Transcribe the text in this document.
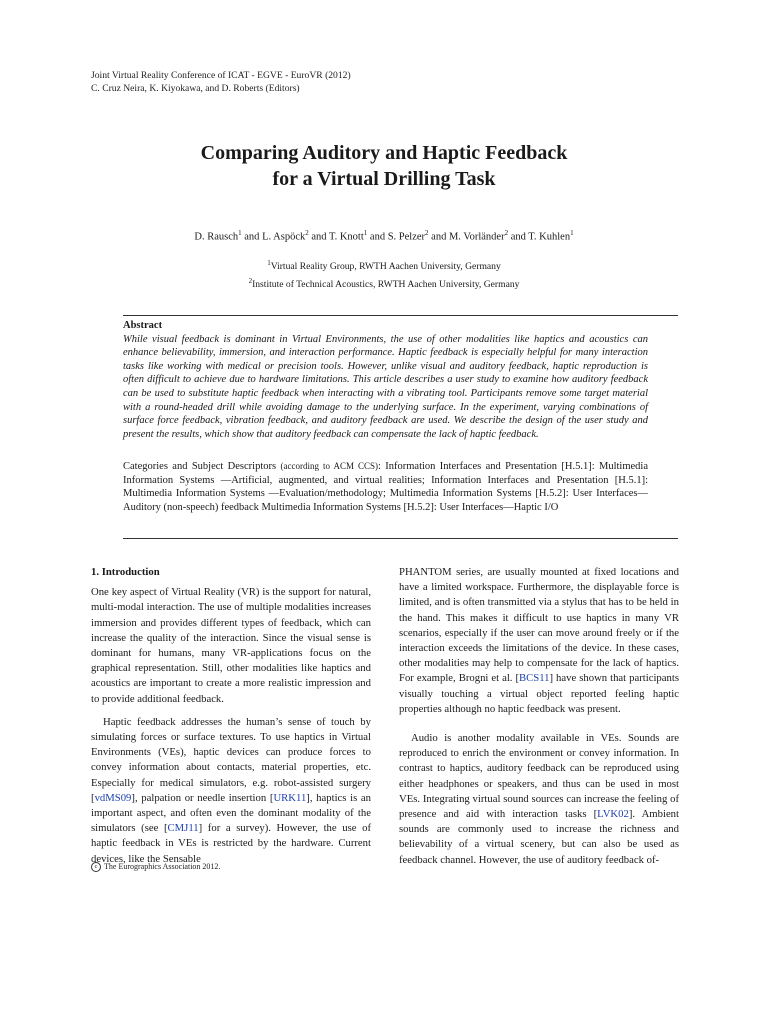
Joint Virtual Reality Conference of ICAT - EGVE - EuroVR (2012)
C. Cruz Neira, K. Kiyokawa, and D. Roberts (Editors)
Comparing Auditory and Haptic Feedback
for a Virtual Drilling Task
D. Rausch$^1$ and L. Aspöck$^2$ and T. Knott$^1$ and S. Pelzer$^2$ and M. Vorländer$^2$ and T. Kuhlen$^1$
$^1$Virtual Reality Group, RWTH Aachen University, Germany
$^2$Institute of Technical Acoustics, RWTH Aachen University, Germany
Abstract
While visual feedback is dominant in Virtual Environments, the use of other modalities like haptics and acoustics can enhance believability, immersion, and interaction performance. Haptic feedback is especially helpful for many interaction tasks like working with medical or precision tools. However, unlike visual and auditory feedback, haptic reproduction is often difficult to achieve due to hardware limitations. This article describes a user study to examine how auditory feedback can be used to substitute haptic feedback when interacting with a vibrating tool. Participants remove some target material with a round-headed drill while avoiding damage to the underlying surface. In the experiment, varying combinations of surface force feedback, vibration feedback, and auditory feedback are used. We describe the design of the user study and present the results, which show that auditory feedback can compensate the lack of haptic feedback.
Categories and Subject Descriptors (according to ACM CCS): Information Interfaces and Presentation [H.5.1]: Multimedia Information Systems —Artificial, augmented, and virtual realities; Information Interfaces and Presentation [H.5.1]: Multimedia Information Systems —Evaluation/methodology; Multimedia Information Systems [H.5.2]: User Interfaces—Auditory (non-speech) feedback Multimedia Information Systems [H.5.2]: User Interfaces—Haptic I/O
1. Introduction

One key aspect of Virtual Reality (VR) is the support for natural, multi-modal interaction. The use of multiple modalities increases immersion and provides different types of feedback, which can increase the quality of the interaction. Since the visual sense is dominant for humans, many VR-applications focus on the graphical representation. Still, other modalities like haptics and acoustics are important to create a more realistic impression and to provide additional feedback.

Haptic feedback addresses the human’s sense of touch by simulating forces or surface textures. To use haptics in Virtual Environments (VEs), haptic devices can produce forces to convey information about contacts, material properties, etc. Especially for medical simulators, e.g. robot-assisted surgery [vdMS09], palpation or needle insertion [URK11], haptics is an important aspect, and often even the dominant modality of the simulators (see [CMJ11] for a survey). However, the use of haptic feedback in VEs is restricted by the hardware. Current devices, like the Sensable

PHANTOM series, are usually mounted at fixed locations and have a limited workspace. Furthermore, the displayable force is limited, and is often transmitted via a stylus that has to be held in the hand. This makes it difficult to use haptics in many VR scenarios, especially if the user can move around freely or if the interaction exceeds the limitations of the device. In these cases, other modalities may help to compensate for the lack of haptics. For example, Brogni et al. [BCS11] have shown that participants visually touching a virtual object reported feeling haptic properties although no haptic feedback was present.

Audio is another modality available in VEs. Sounds are reproduced to enrich the environment or convey information. In contrast to haptics, auditory feedback can be reproduced using either headphones or speakers, and thus can be used in most VEs. Integrating virtual sound sources can increase the feeling of presence and aid with interaction tasks [LVK02]. Ambient sounds are commonly used to increase the richness and believability of a virtual scenery, but can also be used as feedback channel. However, the use of auditory feedback of-

c The Eurographics Association 2012.
